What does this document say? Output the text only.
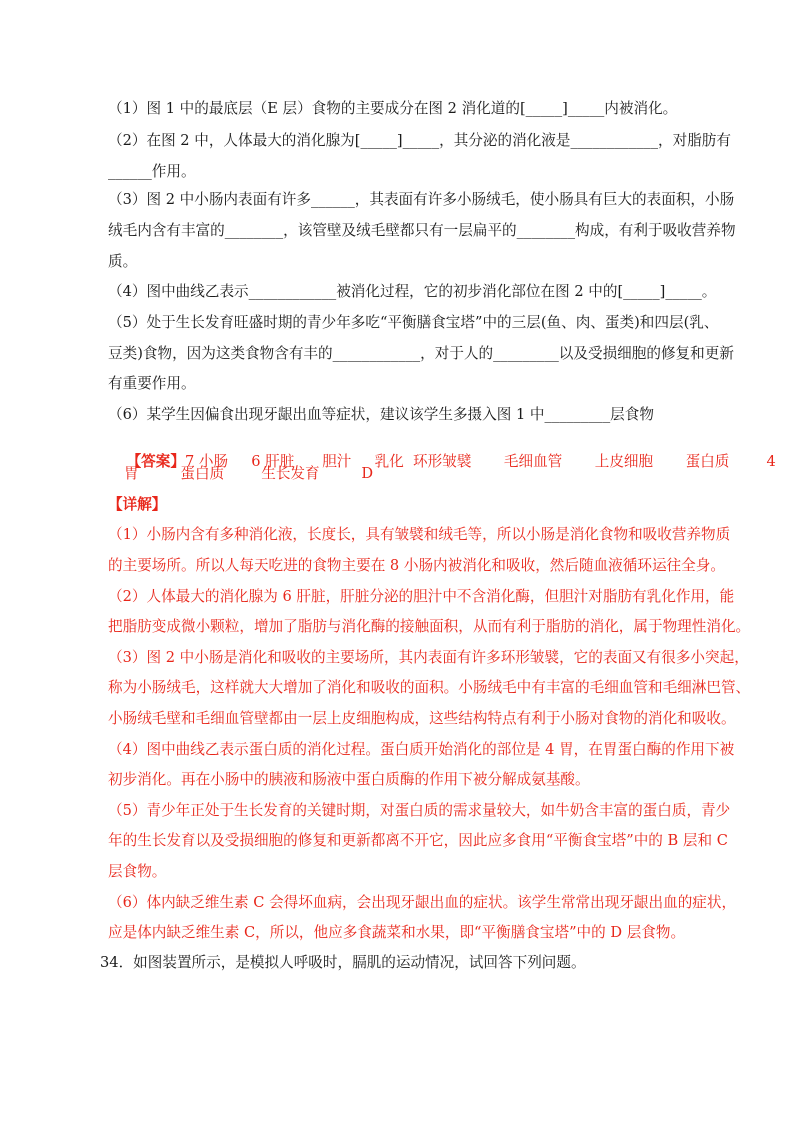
（1）图 1 中的最底层（E 层）食物的主要成分在图 2 消化道的[_____]_____内被消化。
（2）在图 2 中，人体最大的消化腺为[_____]_____，其分泌的消化液是____________，对脂肪有
______作用。
（3）图 2 中小肠内表面有许多______，其表面有许多小肠绒毛，使小肠具有巨大的表面积，小肠
绒毛内含有丰富的________，该管壁及绒毛壁都只有一层扁平的________构成，有利于吸收营养物
质。
（4）图中曲线乙表示____________被消化过程，它的初步消化部位在图 2 中的[_____]_____。
（5）处于生长发育旺盛时期的青少年多吃“平衡膳食宝塔”中的三层(鱼、肉、蛋类)和四层(乳、
豆类)食物，因为这类食物含有丰的____________，对于人的_________以及受损细胞的修复和更新
有重要作用。
（6）某学生因偏食出现牙龈出血等症状，建议该学生多摄入图 1 中_________层食物

【答案】7 小肠     6 肝脏      胆汁     乳化  环形皱襞       毛细血管       上皮细胞       蛋白质        4

胃         蛋白质        生长发育         D
【详解】
（1）小肠内含有多种消化液，长度长，具有皱襞和绒毛等，所以小肠是消化食物和吸收营养物质
的主要场所。所以人每天吃进的食物主要在 8 小肠内被消化和吸收，然后随血液循环运往全身。
（2）人体最大的消化腺为 6 肝脏，肝脏分泌的胆汁中不含消化酶，但胆汁对脂肪有乳化作用，能
把脂肪变成微小颗粒，增加了脂肪与消化酶的接触面积，从而有利于脂肪的消化，属于物理性消化。
（3）图 2 中小肠是消化和吸收的主要场所，其内表面有许多环形皱襞，它的表面又有很多小突起，
称为小肠绒毛，这样就大大增加了消化和吸收的面积。小肠绒毛中有丰富的毛细血管和毛细淋巴管、
小肠绒毛壁和毛细血管壁都由一层上皮细胞构成，这些结构特点有利于小肠对食物的消化和吸收。
（4）图中曲线乙表示蛋白质的消化过程。蛋白质开始消化的部位是 4 胃，在胃蛋白酶的作用下被
初步消化。再在小肠中的胰液和肠液中蛋白质酶的作用下被分解成氨基酸。
（5）青少年正处于生长发育的关键时期，对蛋白质的需求量较大，如牛奶含丰富的蛋白质，青少
年的生长发育以及受损细胞的修复和更新都离不开它，因此应多食用“平衡食宝塔”中的 B 层和 C
层食物。
（6）体内缺乏维生素 C 会得坏血病，会出现牙龈出血的症状。该学生常常出现牙龈出血的症状，
应是体内缺乏维生素 C，所以，他应多食蔬菜和水果，即“平衡膳食宝塔”中的 D 层食物。
34．如图装置所示，是模拟人呼吸时，膈肌的运动情况，试回答下列问题。
